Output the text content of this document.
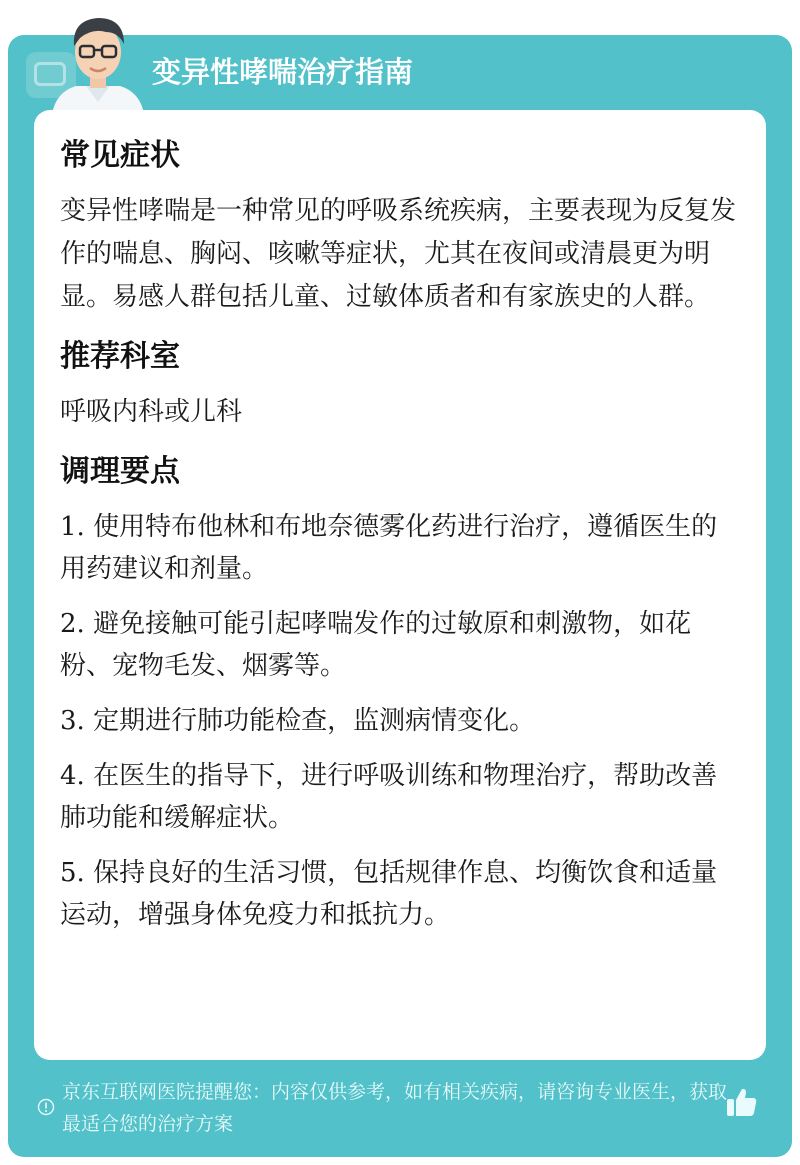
变异性哮喘治疗指南
常见症状

变异性哮喘是一种常见的呼吸系统疾病，主要表现为反复发作的喘息、胸闷、咳嗽等症状，尤其在夜间或清晨更为明显。易感人群包括儿童、过敏体质者和有家族史的人群。

推荐科室

呼吸内科或儿科

调理要点
1. 使用特布他林和布地奈德雾化药进行治疗，遵循医生的用药建议和剂量。
2. 避免接触可能引起哮喘发作的过敏原和刺激物，如花粉、宠物毛发、烟雾等。
3. 定期进行肺功能检查，监测病情变化。
4. 在医生的指导下，进行呼吸训练和物理治疗，帮助改善肺功能和缓解症状。
5. 保持良好的生活习惯，包括规律作息、均衡饮食和适量运动，增强身体免疫力和抵抗力。
京东互联网医院提醒您：内容仅供参考，如有相关疾病，请咨询专业医生，获取最适合您的治疗方案
